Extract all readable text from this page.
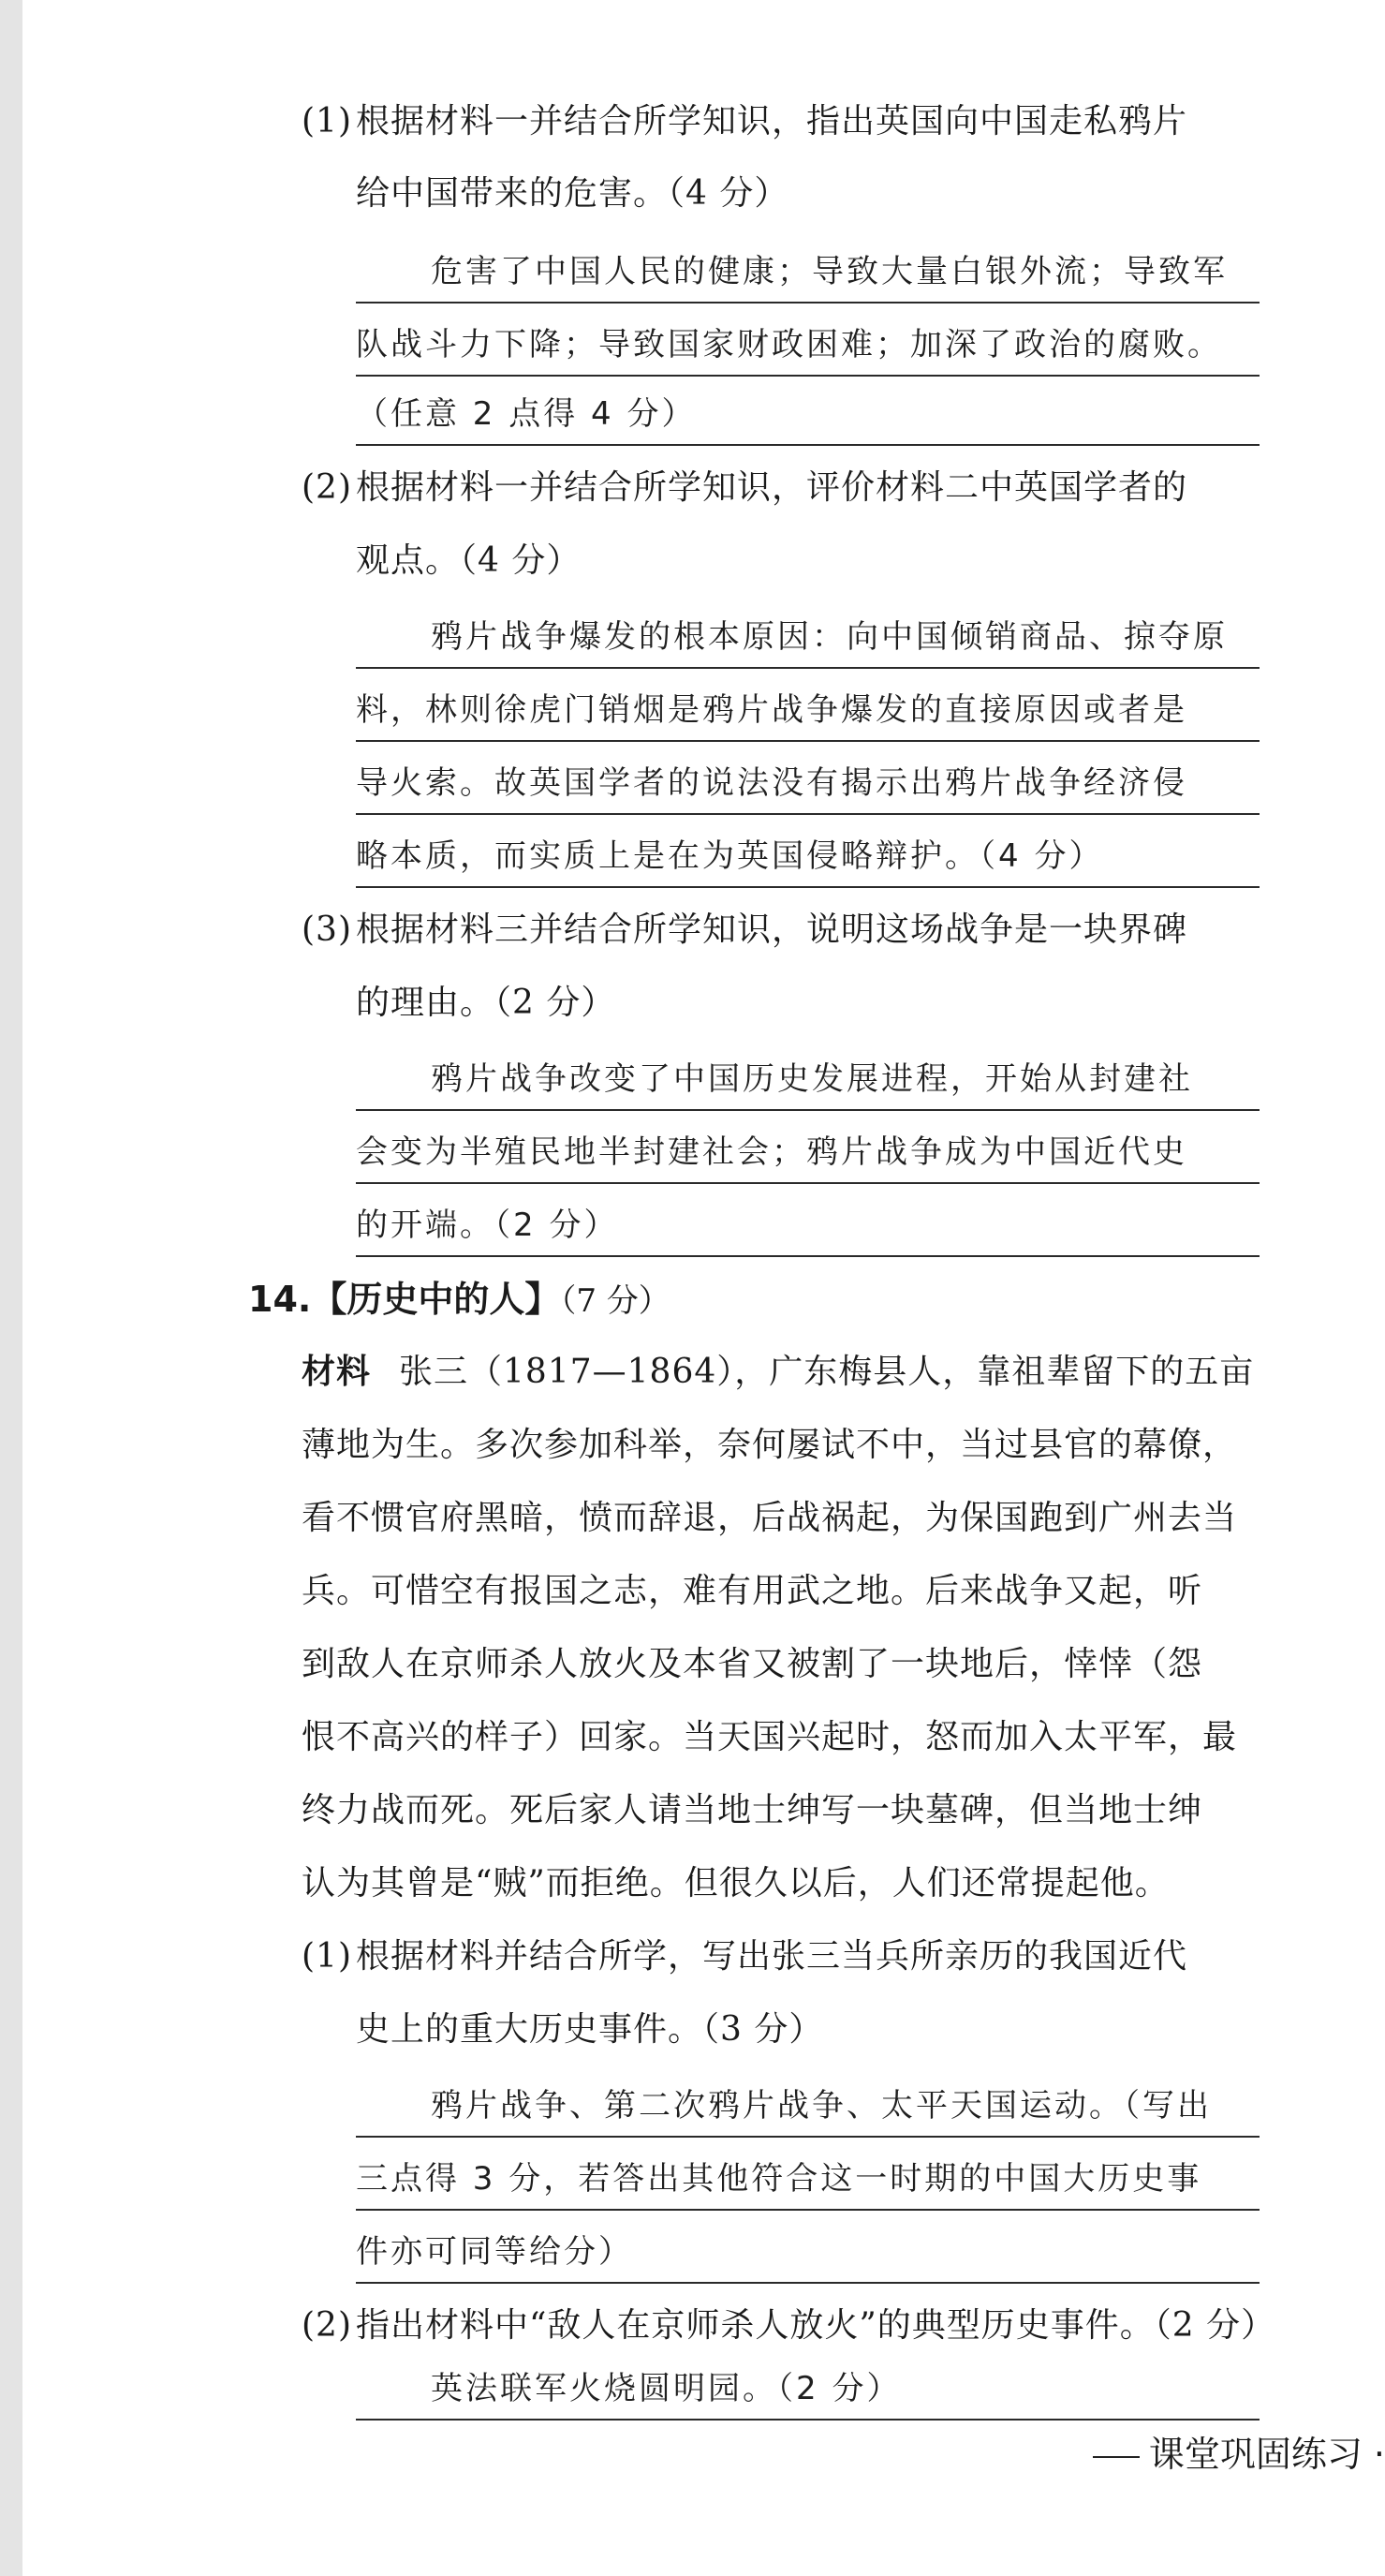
(1) 根据材料一并结合所学知识，指出英国向中国走私鸦片
给中国带来的危害。（4 分）
危害了中国人民的健康；导致大量白银外流；导致军
队战斗力下降；导致国家财政困难；加深了政治的腐败。
（任意 2 点得 4 分）
(2) 根据材料一并结合所学知识，评价材料二中英国学者的
观点。（4 分）
鸦片战争爆发的根本原因：向中国倾销商品、掠夺原
料，林则徐虎门销烟是鸦片战争爆发的直接原因或者是
导火索。故英国学者的说法没有揭示出鸦片战争经济侵
略本质，而实质上是在为英国侵略辩护。（4 分）
(3) 根据材料三并结合所学知识，说明这场战争是一块界碑
的理由。（2 分）
鸦片战争改变了中国历史发展进程，开始从封建社
会变为半殖民地半封建社会；鸦片战争成为中国近代史
的开端。（2 分）
14.【历史中的人】（7 分）
材料 张三（1817—1864），广东梅县人，靠祖辈留下的五亩
薄地为生。多次参加科举，奈何屡试不中，当过县官的幕僚，
看不惯官府黑暗，愤而辞退，后战祸起，为保国跑到广州去当
兵。可惜空有报国之志，难有用武之地。后来战争又起，听
到敌人在京师杀人放火及本省又被割了一块地后，悻悻（怨
恨不高兴的样子）回家。当天国兴起时，怒而加入太平军，最
终力战而死。死后家人请当地士绅写一块墓碑，但当地士绅
认为其曾是“贼”而拒绝。但很久以后，人们还常提起他。
(1) 根据材料并结合所学，写出张三当兵所亲历的我国近代
史上的重大历史事件。（3 分）
鸦片战争、第二次鸦片战争、太平天国运动。（写出
三点得 3 分，若答出其他符合这一时期的中国大历史事
件亦可同等给分）
(2) 指出材料中“敌人在京师杀人放火”的典型历史事件。（2 分）
英法联军火烧圆明园。（2 分）
课堂巩固练习 ·
